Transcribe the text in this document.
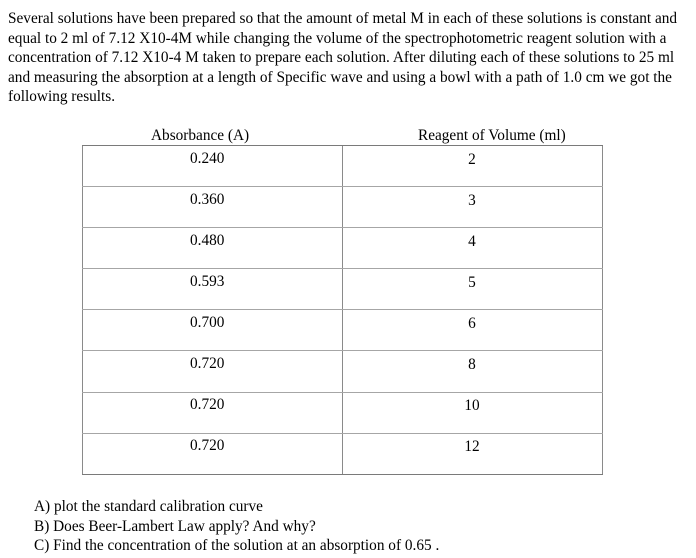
Several solutions have been prepared so that the amount of metal M in each of these solutions is constant and equal to 2 ml of 7.12 X10-4M while changing the volume of the spectrophotometric reagent solution with a concentration of 7.12 X10-4 M taken to prepare each solution. After diluting each of these solutions to 25 ml and measuring the absorption at a length of Specific wave and using a bowl with a path of 1.0 cm we got the following results.

Absorbance (A)	Reagent of Volume (ml)
0.240	2
0.360	3
0.480	4
0.593	5
0.700	6
0.720	8
0.720	10
0.720	12
A) plot the standard calibration curve
B) Does Beer-Lambert Law apply? And why?
C) Find the concentration of the solution at an absorption of 0.65 .
